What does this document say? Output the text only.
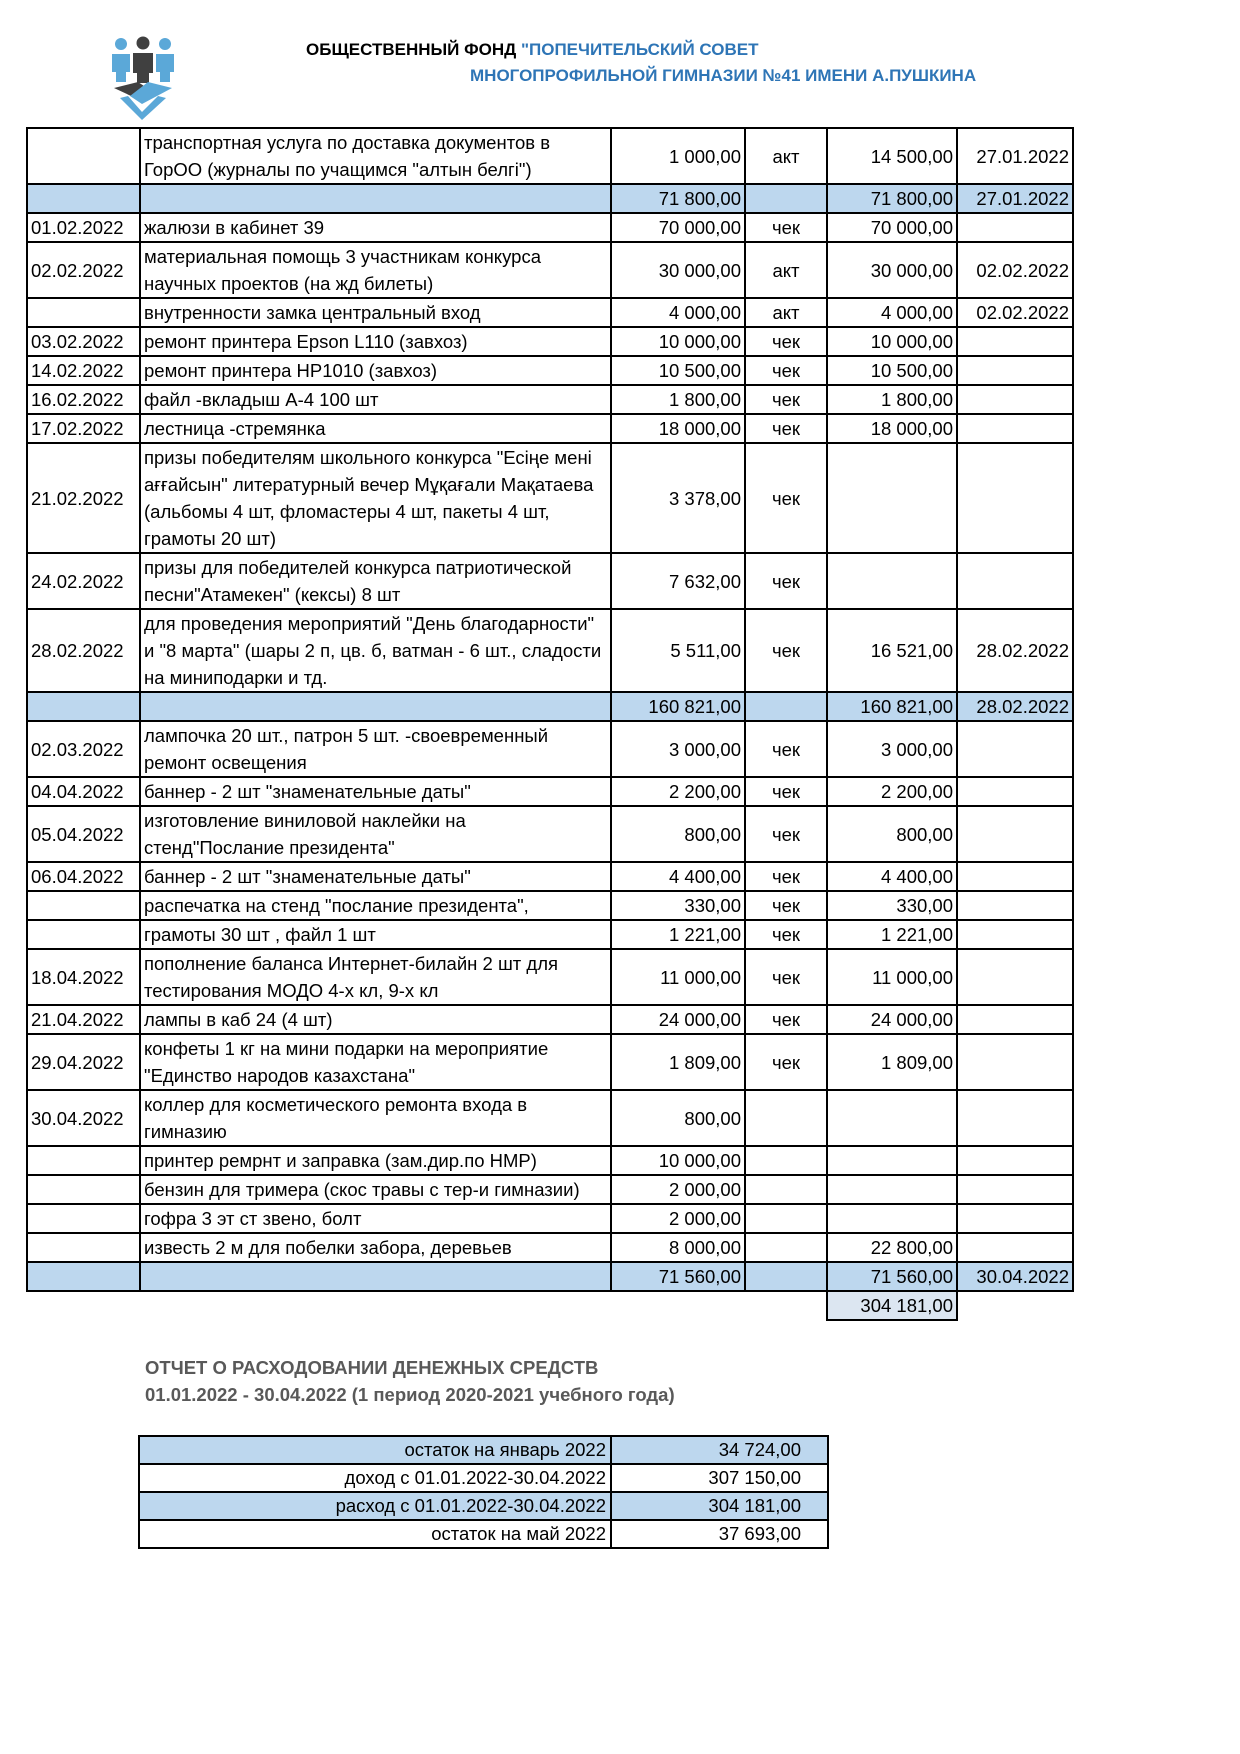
ОБЩЕСТВЕННЫЙ ФОНД "ПОПЕЧИТЕЛЬСКИЙ СОВЕТ
МНОГОПРОФИЛЬНОЙ ГИМНАЗИИ №41 ИМЕНИ А.ПУШКИНА
	транспортная услуга по доставка документов в ГорОО (журналы по учащимся "алтын белгі")	1 000,00	акт	14 500,00	27.01.2022
		71 800,00		71 800,00	27.01.2022
01.02.2022	жалюзи в кабинет 39	70 000,00	чек	70 000,00	
02.02.2022	материальная помощь 3 участникам конкурса научных проектов (на жд билеты)	30 000,00	акт	30 000,00	02.02.2022
	внутренности замка центральный вход	4 000,00	акт	4 000,00	02.02.2022
03.02.2022	ремонт принтера Epson L110 (завхоз)	10 000,00	чек	10 000,00	
14.02.2022	ремонт принтера HP1010 (завхоз)	10 500,00	чек	10 500,00	
16.02.2022	файл -вкладыш А-4 100 шт	1 800,00	чек	1 800,00	
17.02.2022	лестница -стремянка	18 000,00	чек	18 000,00	
21.02.2022	призы победителям школьного конкурса "Есіңе мені ағғайсын" литературный вечер Мұқағали Мақатаева (альбомы 4 шт, фломастеры 4 шт, пакеты 4 шт, грамоты 20 шт)	3 378,00	чек		
24.02.2022	призы для победителей конкурса патриотической песни"Атамекен" (кексы) 8 шт	7 632,00	чек		
28.02.2022	для проведения мероприятий "День благодарности" и "8 марта" (шары 2 п, цв. б, ватман - 6 шт., сладости на миниподарки и тд.	5 511,00	чек	16 521,00	28.02.2022
		160 821,00		160 821,00	28.02.2022
02.03.2022	лампочка 20 шт., патрон 5 шт. -своевременный ремонт освещения	3 000,00	чек	3 000,00	
04.04.2022	баннер - 2 шт "знаменательные даты"	2 200,00	чек	2 200,00	
05.04.2022	изготовление виниловой наклейки на стенд"Послание президента"	800,00	чек	800,00	
06.04.2022	баннер - 2 шт "знаменательные даты"	4 400,00	чек	4 400,00	
	распечатка на стенд "послание президента",	330,00	чек	330,00	
	грамоты 30 шт , файл 1 шт	1 221,00	чек	1 221,00	
18.04.2022	пополнение баланса Интернет-билайн 2 шт для тестирования МОДО 4-х кл, 9-х кл	11 000,00	чек	11 000,00	
21.04.2022	лампы в каб 24 (4 шт)	24 000,00	чек	24 000,00	
29.04.2022	конфеты 1 кг на мини подарки на мероприятие "Единство народов казахстана"	1 809,00	чек	1 809,00	
30.04.2022	коллер для косметического ремонта входа в гимназию	800,00			
	принтер ремрнт и заправка (зам.дир.по НМР)	10 000,00			
	бензин для тримера (скос травы с тер-и гимназии)	2 000,00			
	гофра 3 эт ст звено, болт	2 000,00			
	известь 2 м для побелки забора, деревьев	8 000,00		22 800,00	
		71 560,00		71 560,00	30.04.2022
				304 181,00	
ОТЧЕТ О РАСХОДОВАНИИ ДЕНЕЖНЫХ СРЕДСТВ
01.01.2022 - 30.04.2022 (1 период 2020-2021 учебного года)
остаток на январь 2022	34 724,00
доход с 01.01.2022-30.04.2022	307 150,00
расход с 01.01.2022-30.04.2022	304 181,00
остаток на май 2022	37 693,00
